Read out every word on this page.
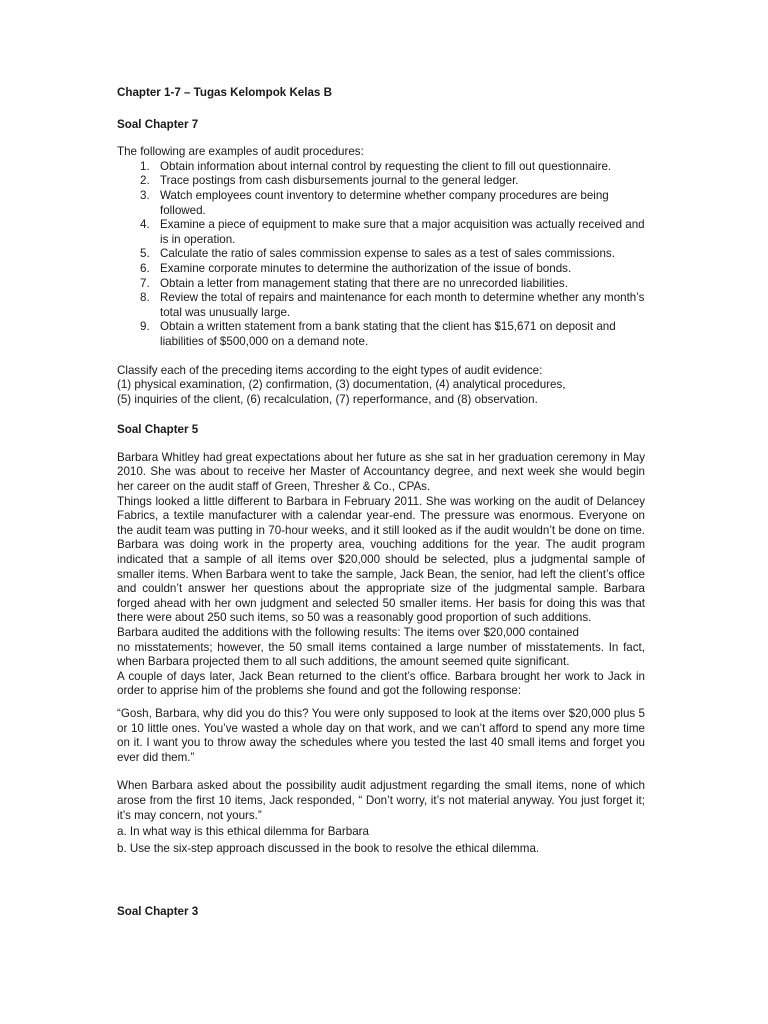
Chapter 1-7 – Tugas Kelompok Kelas B
Soal Chapter 7

The following are examples of audit procedures:

1. Obtain information about internal control by requesting the client to fill out questionnaire.
2. Trace postings from cash disbursements journal to the general ledger.
3. Watch employees count inventory to determine whether company procedures are being followed.
4. Examine a piece of equipment to make sure that a major acquisition was actually received and is in operation.
5. Calculate the ratio of sales commission expense to sales as a test of sales commissions.
6. Examine corporate minutes to determine the authorization of the issue of bonds.
7. Obtain a letter from management stating that there are no unrecorded liabilities.
8. Review the total of repairs and maintenance for each month to determine whether any month’s total was unusually large.
9. Obtain a written statement from a bank stating that the client has $15,671 on deposit and liabilities of $500,000 on a demand note.

Classify each of the preceding items according to the eight types of audit evidence:

(1) physical examination, (2) confirmation, (3) documentation, (4) analytical procedures,

(5) inquiries of the client, (6) recalculation, (7) reperformance, and (8) observation.

Soal Chapter 5

Barbara Whitley had great expectations about her future as she sat in her graduation ceremony in May 2010. She was about to receive her Master of Accountancy degree, and next week she would begin her career on the audit staff of Green, Thresher & Co., CPAs.

Things looked a little different to Barbara in February 2011. She was working on the audit of Delancey Fabrics, a textile manufacturer with a calendar year-end. The pressure was enormous. Everyone on the audit team was putting in 70-hour weeks, and it still looked as if the audit wouldn’t be done on time. Barbara was doing work in the property area, vouching additions for the year. The audit program indicated that a sample of all items over $20,000 should be selected, plus a judgmental sample of smaller items. When Barbara went to take the sample, Jack Bean, the senior, had left the client’s office and couldn’t answer her questions about the appropriate size of the judgmental sample. Barbara forged ahead with her own judgment and selected 50 smaller items. Her basis for doing this was that there were about 250 such items, so 50 was a reasonably good proportion of such additions.

Barbara audited the additions with the following results: The items over $20,000 contained

no misstatements; however, the 50 small items contained a large number of misstatements. In fact, when Barbara projected them to all such additions, the amount seemed quite significant.

A couple of days later, Jack Bean returned to the client’s office. Barbara brought her work to Jack in order to apprise him of the problems she found and got the following response:

“Gosh, Barbara, why did you do this? You were only supposed to look at the items over $20,000 plus 5 or 10 little ones. You’ve wasted a whole day on that work, and we can’t afford to spend any more time on it. I want you to throw away the schedules where you tested the last 40 small items and forget you ever did them.”

When Barbara asked about the possibility audit adjustment regarding the small items, none of which arose from the first 10 items, Jack responded, “ Don’t worry, it’s not material anyway. You just forget it; it’s may concern, not yours.”

a. In what way is this ethical dilemma for Barbara

b. Use the six-step approach discussed in the book to resolve the ethical dilemma.

Soal Chapter 3
